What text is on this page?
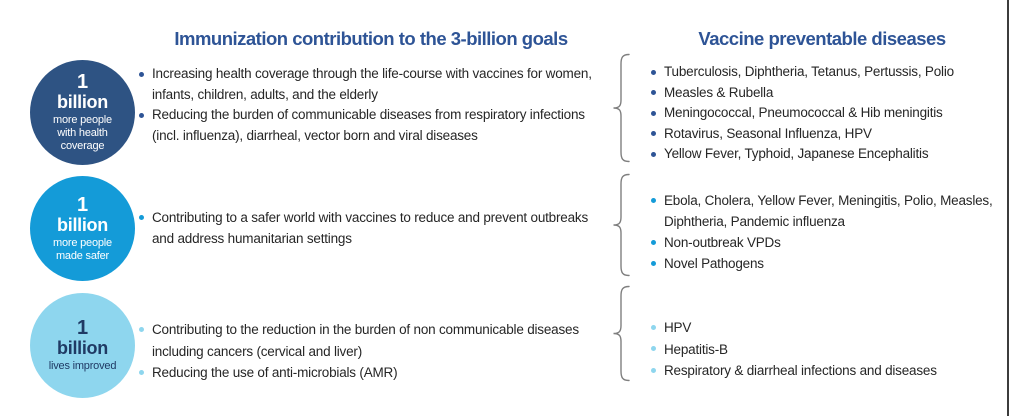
Immunization contribution to the 3-billion goals	Vaccine preventable diseases
1
billion
more people
with health
coverage
1
billion
more people
made safer
1
billion
lives improved
Increasing health coverage through the life-course with vaccines for women, infants, children, adults, and the elderly
Reducing the burden of communicable diseases from respiratory infections (incl. influenza), diarrheal, vector born and viral diseases
Contributing to a safer world with vaccines to reduce and prevent outbreaks and address humanitarian settings
Contributing to the reduction in the burden of non communicable diseases including cancers (cervical and liver)
Reducing the use of anti-microbials (AMR)
Tuberculosis, Diphtheria, Tetanus, Pertussis, Polio
Measles & Rubella
Meningococcal, Pneumococcal & Hib meningitis
Rotavirus, Seasonal Influenza, HPV
Yellow Fever, Typhoid, Japanese Encephalitis
Ebola, Cholera, Yellow Fever, Meningitis, Polio, Measles, Diphtheria, Pandemic influenza
Non-outbreak VPDs
Novel Pathogens
HPV
Hepatitis-B
Respiratory & diarrheal infections and diseases
